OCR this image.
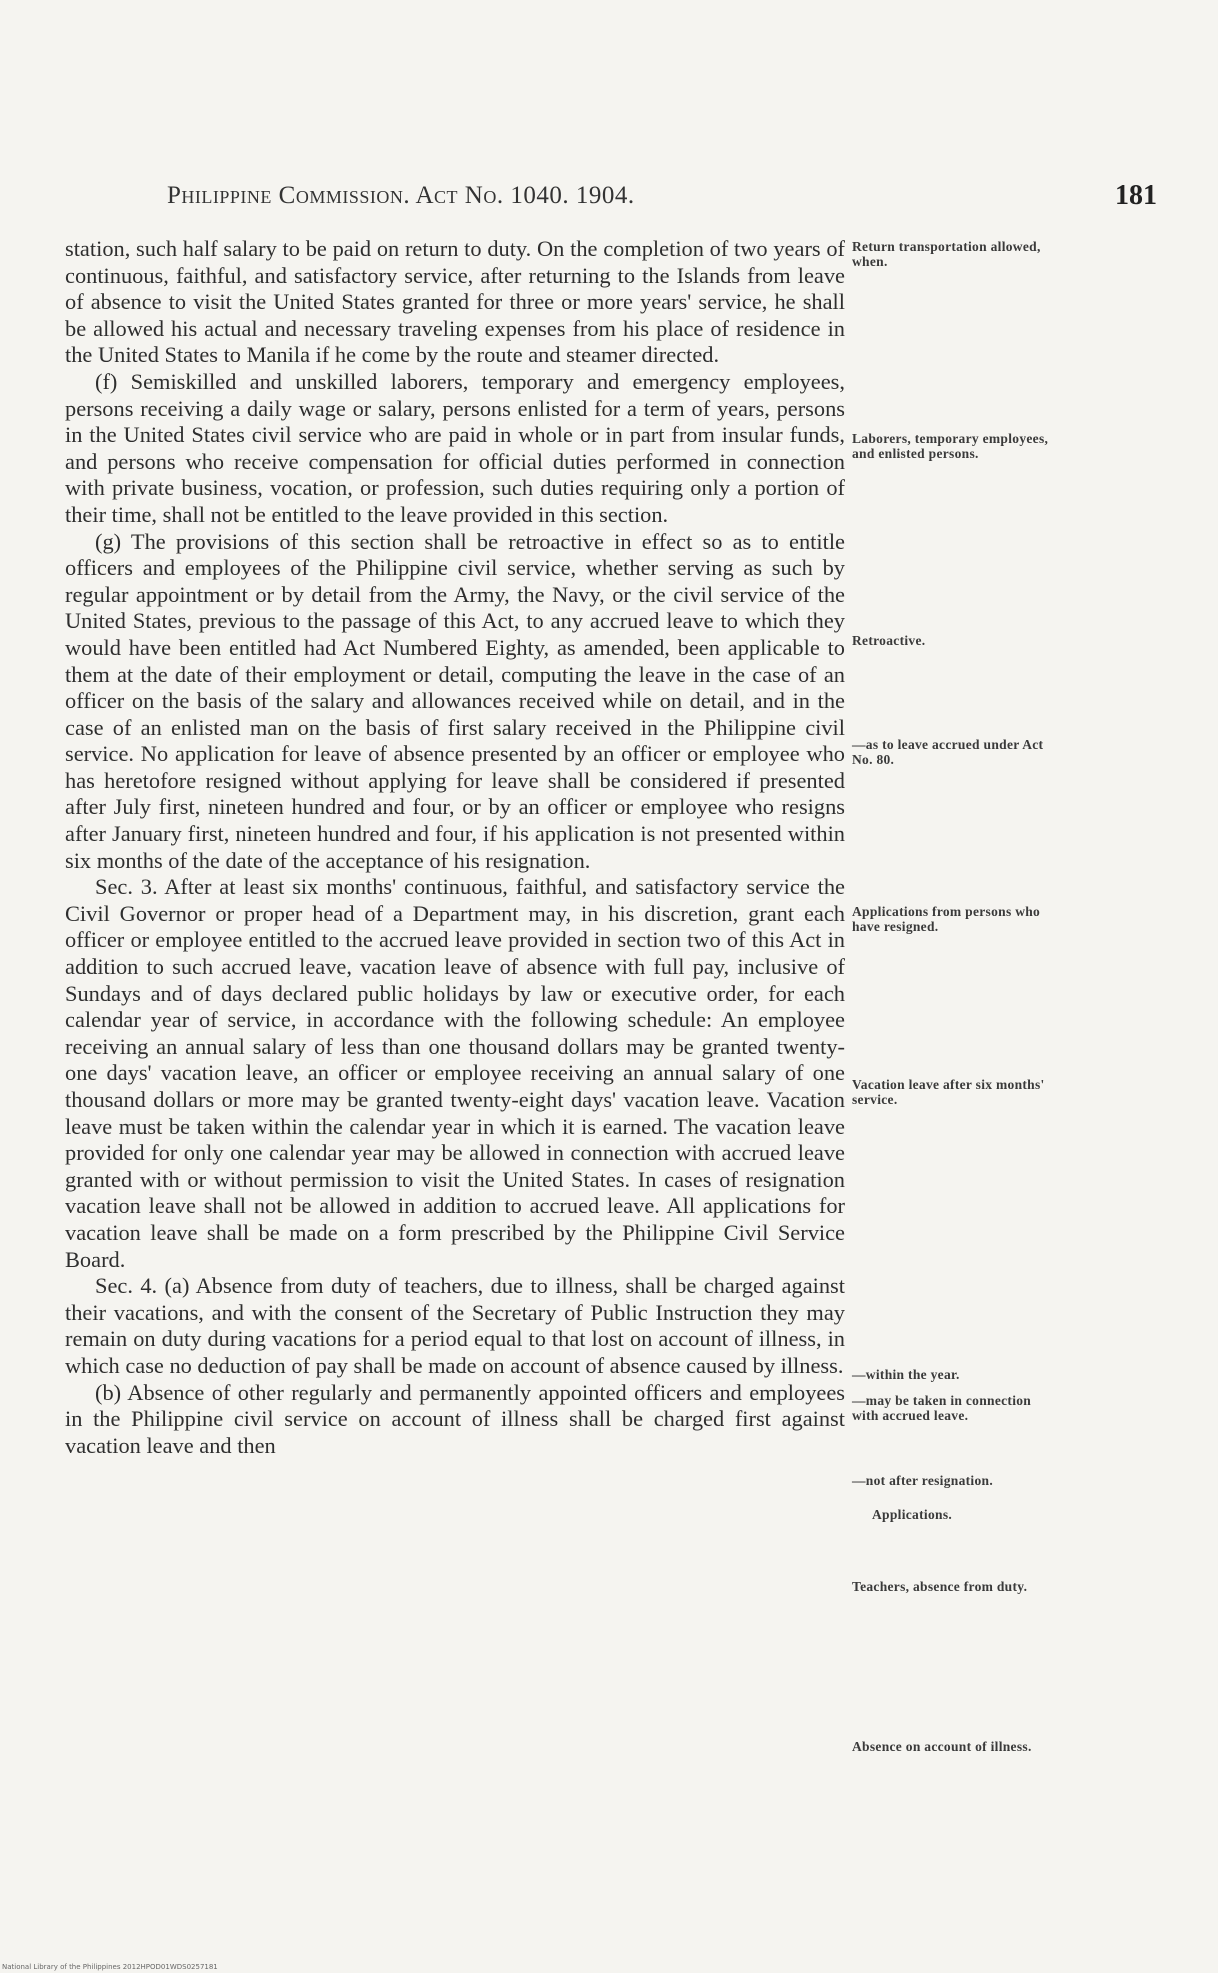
Philippine Commission. Act No. 1040. 1904.	181

station, such half salary to be paid on return to duty. On the completion of two years of continuous, faithful, and satisfactory service, after returning to the Islands from leave of absence to visit the United States granted for three or more years' service, he shall be allowed his actual and necessary traveling expenses from his place of residence in the United States to Manila if he come by the route and steamer directed.

(f) Semiskilled and unskilled laborers, temporary and emergency employees, persons receiving a daily wage or salary, persons enlisted for a term of years, persons in the United States civil service who are paid in whole or in part from insular funds, and persons who receive compensation for official duties performed in connection with private business, vocation, or profession, such duties requiring only a portion of their time, shall not be entitled to the leave provided in this section.

(g) The provisions of this section shall be retroactive in effect so as to entitle officers and employees of the Philippine civil service, whether serving as such by regular appointment or by detail from the Army, the Navy, or the civil service of the United States, previous to the passage of this Act, to any accrued leave to which they would have been entitled had Act Numbered Eighty, as amended, been applicable to them at the date of their employment or detail, computing the leave in the case of an officer on the basis of the salary and allowances received while on detail, and in the case of an enlisted man on the basis of first salary received in the Philippine civil service. No application for leave of absence presented by an officer or employee who has heretofore resigned without applying for leave shall be considered if presented after July first, nineteen hundred and four, or by an officer or employee who resigns after January first, nineteen hundred and four, if his application is not presented within six months of the date of the acceptance of his resignation.

Sec. 3. After at least six months' continuous, faithful, and satisfactory service the Civil Governor or proper head of a Department may, in his discretion, grant each officer or employee entitled to the accrued leave provided in section two of this Act in addition to such accrued leave, vacation leave of absence with full pay, inclusive of Sundays and of days declared public holidays by law or executive order, for each calendar year of service, in accordance with the following schedule: An employee receiving an annual salary of less than one thousand dollars may be granted twenty-one days' vacation leave, an officer or employee receiving an annual salary of one thousand dollars or more may be granted twenty-eight days' vacation leave. Vacation leave must be taken within the calendar year in which it is earned. The vacation leave provided for only one calendar year may be allowed in connection with accrued leave granted with or without permission to visit the United States. In cases of resignation vacation leave shall not be allowed in addition to accrued leave. All applications for vacation leave shall be made on a form prescribed by the Philippine Civil Service Board.

Sec. 4. (a) Absence from duty of teachers, due to illness, shall be charged against their vacations, and with the consent of the Secretary of Public Instruction they may remain on duty during vacations for a period equal to that lost on account of illness, in which case no deduction of pay shall be made on account of absence caused by illness.

(b) Absence of other regularly and permanently appointed officers and employees in the Philippine civil service on account of illness shall be charged first against vacation leave and then

Return transportation allowed, when.
Laborers, temporary employees, and enlisted persons.
Retroactive.
—as to leave accrued under Act No. 80.
Applications from persons who have resigned.
Vacation leave after six months' service.
—within the year.
—may be taken in connection with accrued leave.
—not after resignation.
Applications.
Teachers, absence from duty.
Absence on account of illness.
National Library of the Philippines 2012HPOD01WDS0257181
